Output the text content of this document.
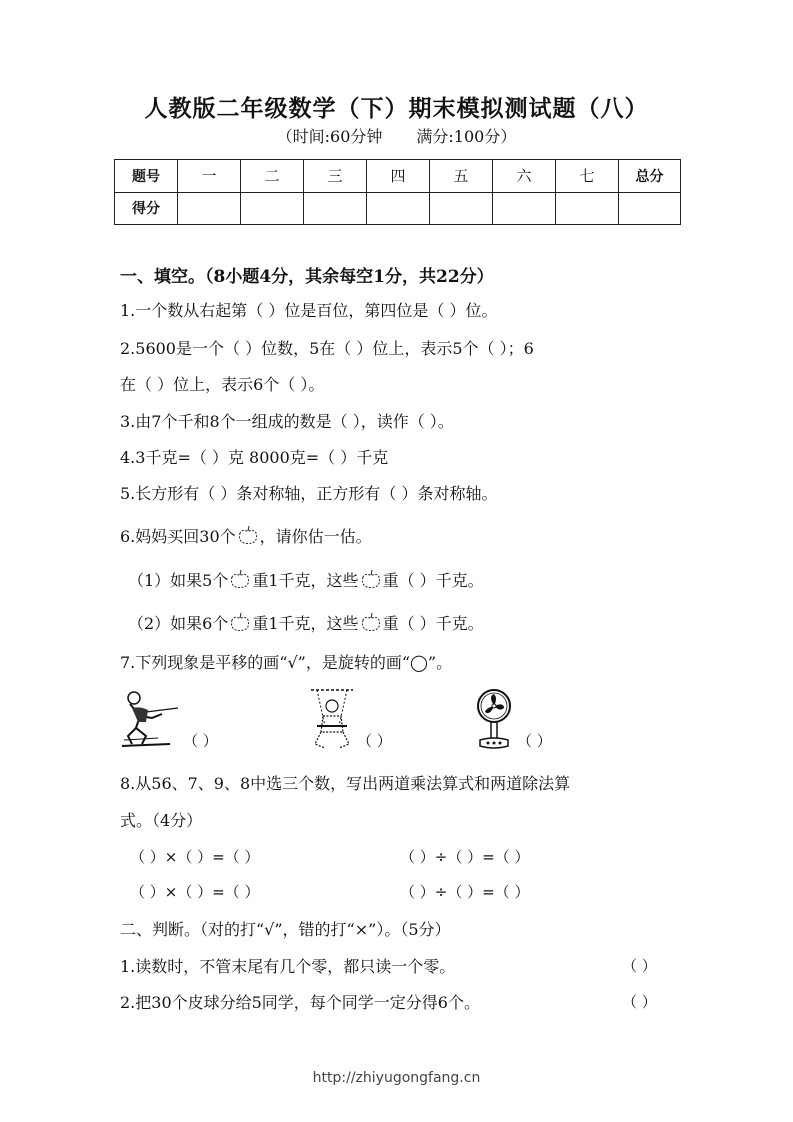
人教版二年级数学（下）期末模拟测试题（八）
（时间:60分钟 满分:100分）
题号	一	二	三	四	五	六	七	总分
得分								
一、填空。（8小题4分，其余每空1分，共22分）
1.一个数从右起第（ ）位是百位，第四位是（ ）位。
2.5600是一个（ ）位数，5在（ ）位上，表示5个（ ）；6
在（ ）位上，表示6个（ ）。
3.由7个千和8个一组成的数是（ ），读作（ ）。
4.3千克=（ ）克 8000克=（ ）千克
5.长方形有（ ）条对称轴，正方形有（ ）条对称轴。
6.妈妈买回30个 ，请你估一估。
（1）如果5个 重1千克，这些 重（ ）千克。
（2）如果6个 重1千克，这些 重（ ）千克。
7.下列现象是平移的画“√”，是旋转的画“◯”。
（ ）	（ ）	（ ）
8.从56、7、9、8中选三个数，写出两道乘法算式和两道除法算
式。（4分）
（ ）×（ ）=（ ）	（ ）÷（ ）=（ ）
（ ）×（ ）=（ ）	（ ）÷（ ）=（ ）
二、判断。（对的打“√”，错的打“×”）。（5分）
1.读数时，不管末尾有几个零，都只读一个零。	（ ）
2.把30个皮球分给5同学，每个同学一定分得6个。	（ ）
http://zhiyugongfang.cn
